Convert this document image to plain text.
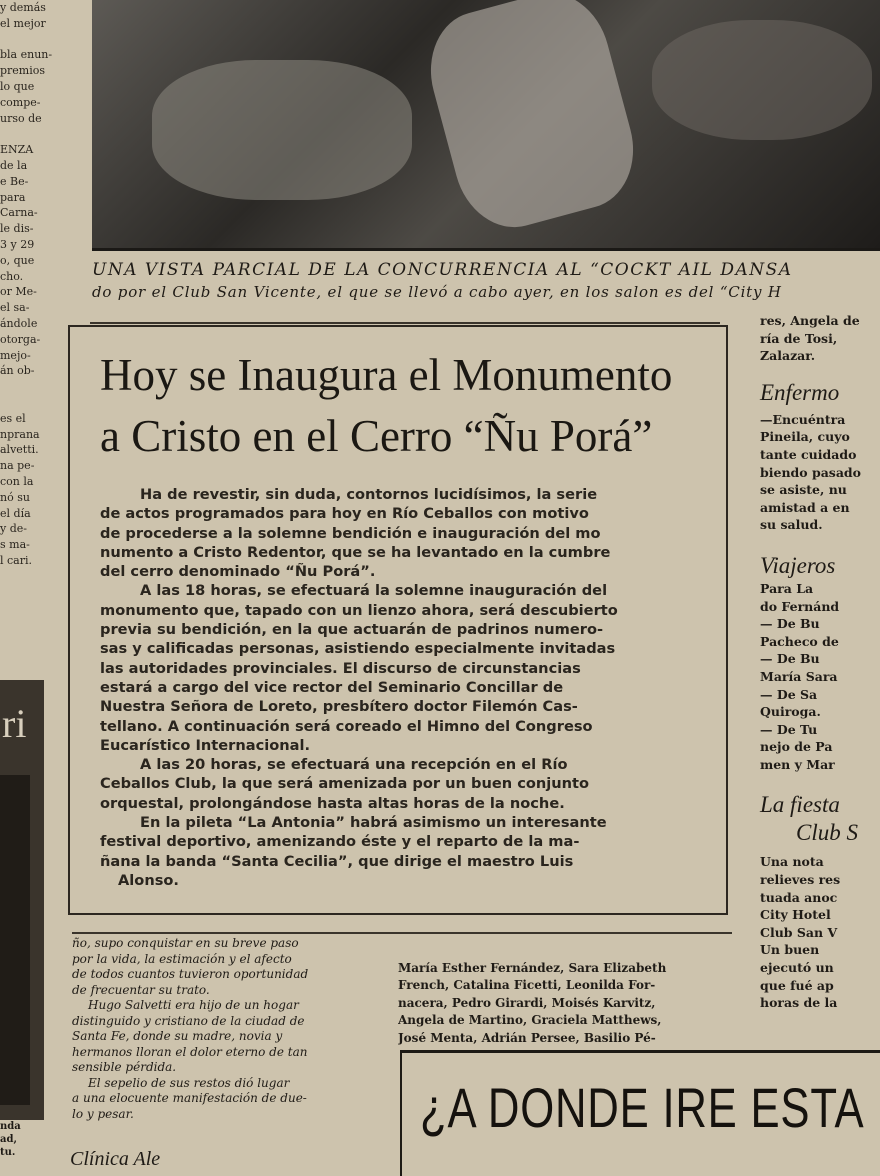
y demás
el mejor

bla enun-
premios
lo que
compe-
urso de

ENZA
de la
e Be-
para
Carna-
le dis-
3 y 29
o, que
cho.
or Me-
el sa-
ándole
otorga-
mejo-
án ob-

es el
nprana
alvetti.
na pe-
con la
nó su
el día
y de-
s ma-
l cari.
ri
nda
ad,
tu.
UNA VISTA PARCIAL DE LA CONCURRENCIA AL “COCKT AIL DANSA
do por el Club San Vicente, el que se llevó a cabo ayer, en los salon es del “City H
Hoy se Inaugura el Monumento
a Cristo en el Cerro “Ñu Porá”
Ha de revestir, sin duda, contornos lucidísimos, la serie
de actos programados para hoy en Río Ceballos con motivo
de procederse a la solemne bendición e inauguración del mo
numento a Cristo Redentor, que se ha levantado en la cumbre
del cerro denominado “Ñu Porá”.
A las 18 horas, se efectuará la solemne inauguración del
monumento que, tapado con un lienzo ahora, será descubierto
previa su bendición, en la que actuarán de padrinos numero-
sas y calificadas personas, asistiendo especialmente invitadas
las autoridades provinciales. El discurso de circunstancias
estará a cargo del vice rector del Seminario Concillar de
Nuestra Señora de Loreto, presbítero doctor Filemón Cas-
tellano. A continuación será coreado el Himno del Congreso
Eucarístico Internacional.
A las 20 horas, se efectuará una recepción en el Río
Ceballos Club, la que será amenizada por un buen conjunto
orquestal, prolongándose hasta altas horas de la noche.
En la pileta “La Antonia” habrá asimismo un interesante
festival deportivo, amenizando éste y el reparto de la ma-
ñana la banda “Santa Cecilia”, que dirige el maestro Luis
Alonso.
res, Angela de
ría de Tosi,
Zalazar.
Enfermo
—Encuéntra
Pineila, cuyo
tante cuidado
biendo pasado
se asiste, nu
amistad a en
su salud.
Viajeros
Para La
do Fernánd
— De Bu
Pacheco de
— De Bu
María Sara
— De Sa
Quiroga.
— De Tu
nejo de Pa
men y Mar
La fiesta
Club S
Una nota
relieves res
tuada anoc
City Hotel
Club San V
Un buen
ejecutó un
que fué ap
horas de la
ño, supo conquistar en su breve paso
por la vida, la estimación y el afecto
de todos cuantos tuvieron oportunidad
de frecuentar su trato.
Hugo Salvetti era hijo de un hogar
distinguido y cristiano de la ciudad de
Santa Fe, donde su madre, novia y
hermanos lloran el dolor eterno de tan
sensible pérdida.
El sepelio de sus restos dió lugar
a una elocuente manifestación de due-
lo y pesar.
María Esther Fernández, Sara Elizabeth
French, Catalina Ficetti, Leonilda For-
nacera, Pedro Girardi, Moisés Karvitz,
Angela de Martino, Graciela Matthews,
José Menta, Adrián Persee, Basilio Pé-
¿A DONDE IRE ESTA
Clínica Ale
